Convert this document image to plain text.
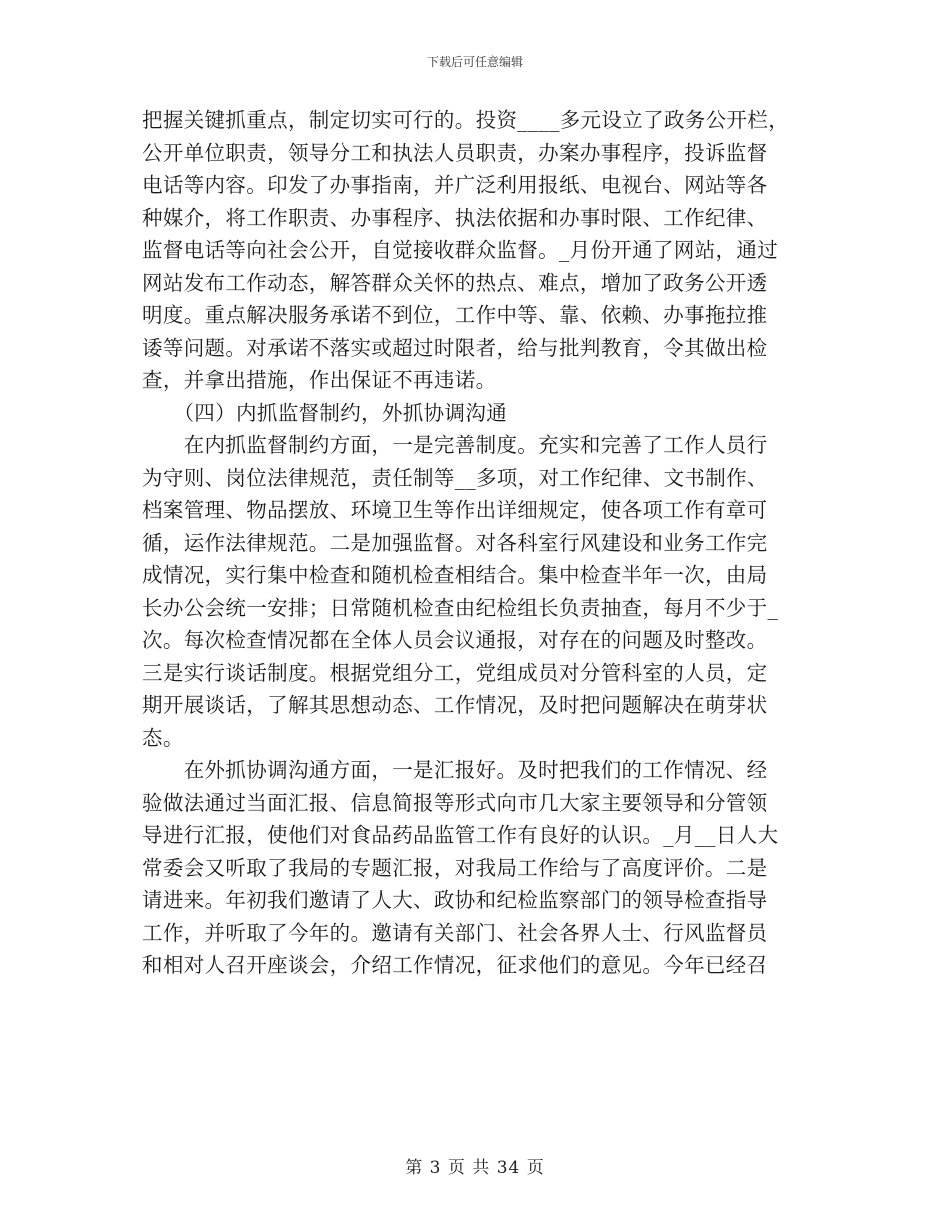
下载后可任意编辑
把握关键抓重点，制定切实可行的。投资____多元设立了政务公开栏，
公开单位职责，领导分工和执法人员职责，办案办事程序，投诉监督
电话等内容。印发了办事指南，并广泛利用报纸、电视台、网站等各
种媒介，将工作职责、办事程序、执法依据和办事时限、工作纪律、
监督电话等向社会公开，自觉接收群众监督。_月份开通了网站，通过
网站发布工作动态，解答群众关怀的热点、难点，增加了政务公开透
明度。重点解决服务承诺不到位，工作中等、靠、依赖、办事拖拉推
诿等问题。对承诺不落实或超过时限者，给与批判教育，令其做出检
查，并拿出措施，作出保证不再违诺。
　　（四）内抓监督制约，外抓协调沟通
　　在内抓监督制约方面，一是完善制度。充实和完善了工作人员行
为守则、岗位法律规范，责任制等__多项，对工作纪律、文书制作、
档案管理、物品摆放、环境卫生等作出详细规定，使各项工作有章可
循，运作法律规范。二是加强监督。对各科室行风建设和业务工作完
成情况，实行集中检查和随机检查相结合。集中检查半年一次，由局
长办公会统一安排；日常随机检查由纪检组长负责抽查，每月不少于_
次。每次检查情况都在全体人员会议通报，对存在的问题及时整改。
三是实行谈话制度。根据党组分工，党组成员对分管科室的人员，定
期开展谈话，了解其思想动态、工作情况，及时把问题解决在萌芽状
态。
　　在外抓协调沟通方面，一是汇报好。及时把我们的工作情况、经
验做法通过当面汇报、信息简报等形式向市几大家主要领导和分管领
导进行汇报，使他们对食品药品监管工作有良好的认识。_月__日人大
常委会又听取了我局的专题汇报，对我局工作给与了高度评价。二是
请进来。年初我们邀请了人大、政协和纪检监察部门的领导检查指导
工作，并听取了今年的。邀请有关部门、社会各界人士、行风监督员
和相对人召开座谈会，介绍工作情况，征求他们的意见。今年已经召
第 3 页 共 34 页
